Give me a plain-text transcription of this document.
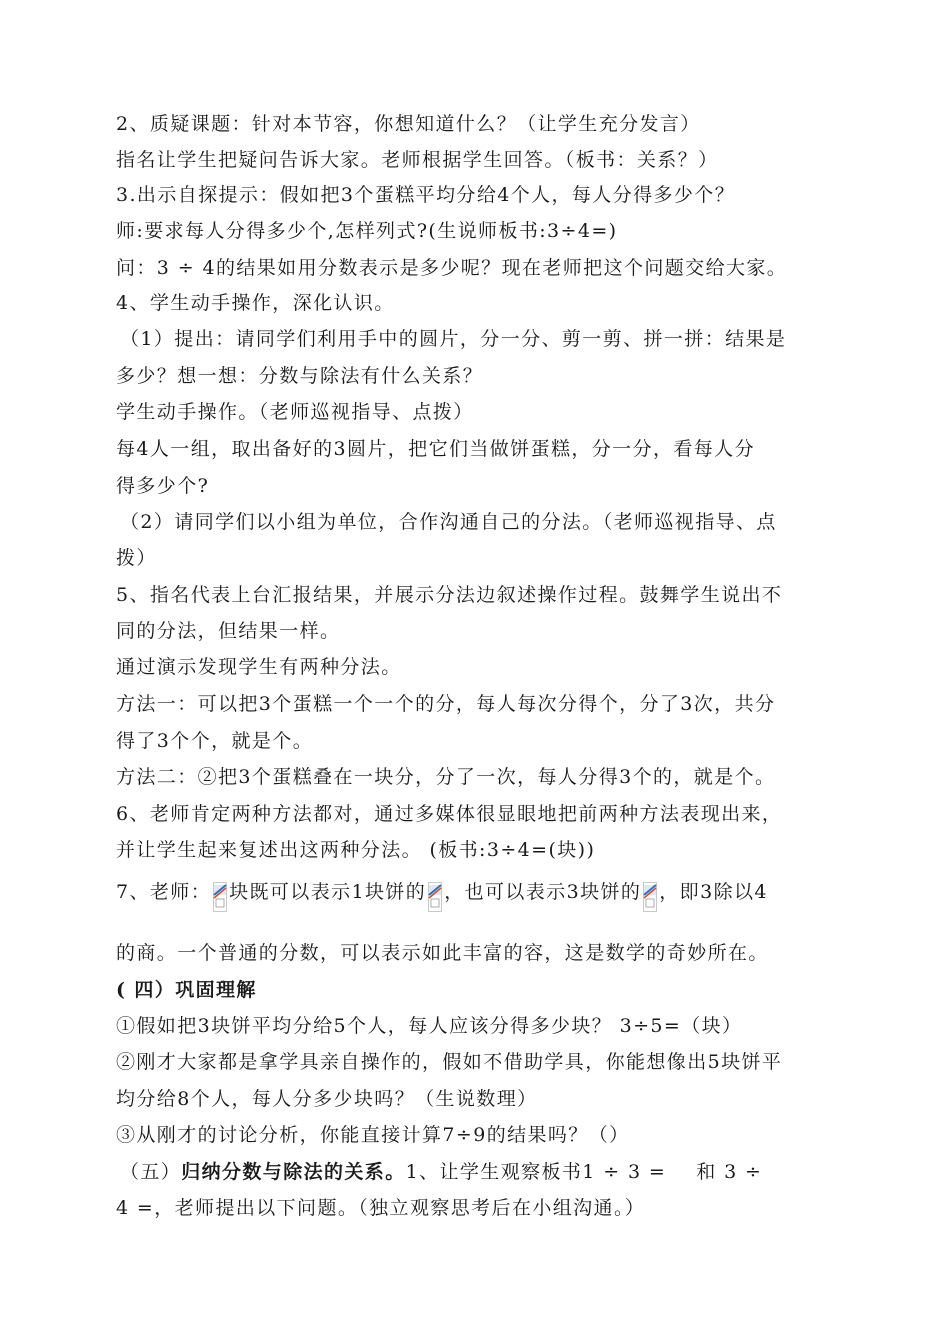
2、质疑课题：针对本节容，你想知道什么？（让学生充分发言）
指名让学生把疑问告诉大家。老师根据学生回答。（板书：关系？）
3.出示自探提示：假如把3个蛋糕平均分给4个人，每人分得多少个？
师:要求每人分得多少个,怎样列式?(生说师板书:3÷4=)
问：3 ÷ 4的结果如用分数表示是多少呢？现在老师把这个问题交给大家。
4、学生动手操作，深化认识。
（1）提出：请同学们利用手中的圆片，分一分、剪一剪、拼一拼：结果是
多少？想一想：分数与除法有什么关系？
学生动手操作。（老师巡视指导、点拨）
每4人一组，取出备好的3圆片，把它们当做饼蛋糕，分一分，看每人分
得多少个?
（2）请同学们以小组为单位，合作沟通自己的分法。（老师巡视指导、点
拨）
5、指名代表上台汇报结果，并展示分法边叙述操作过程。鼓舞学生说出不
同的分法，但结果一样。
通过演示发现学生有两种分法。
方法一：可以把3个蛋糕一个一个的分，每人每次分得个，分了3次，共分
得了3个个，就是个。
方法二：②把3个蛋糕叠在一块分，分了一次，每人分得3个的，就是个。
6、老师肯定两种方法都对，通过多媒体很显眼地把前两种方法表现出来，
并让学生起来复述出这两种分法。 (板书:3÷4=(块))
7、老师： 块既可以表示1块饼的 ，也可以表示3块饼的 ，即3除以4
的商。一个普通的分数，可以表示如此丰富的容，这是数学的奇妙所在。
( 四）巩固理解
①假如把3块饼平均分给5个人，每人应该分得多少块？ 3÷5=（块）
②刚才大家都是拿学具亲自操作的，假如不借助学具，你能想像出5块饼平
均分给8个人，每人分多少块吗？（生说数理）
③从刚才的讨论分析，你能直接计算7÷9的结果吗？（）
（五）归纳分数与除法的关系。1、让学生观察板书1 ÷ 3 = 和 3 ÷
4 =，老师提出以下问题。（独立观察思考后在小组沟通。）
